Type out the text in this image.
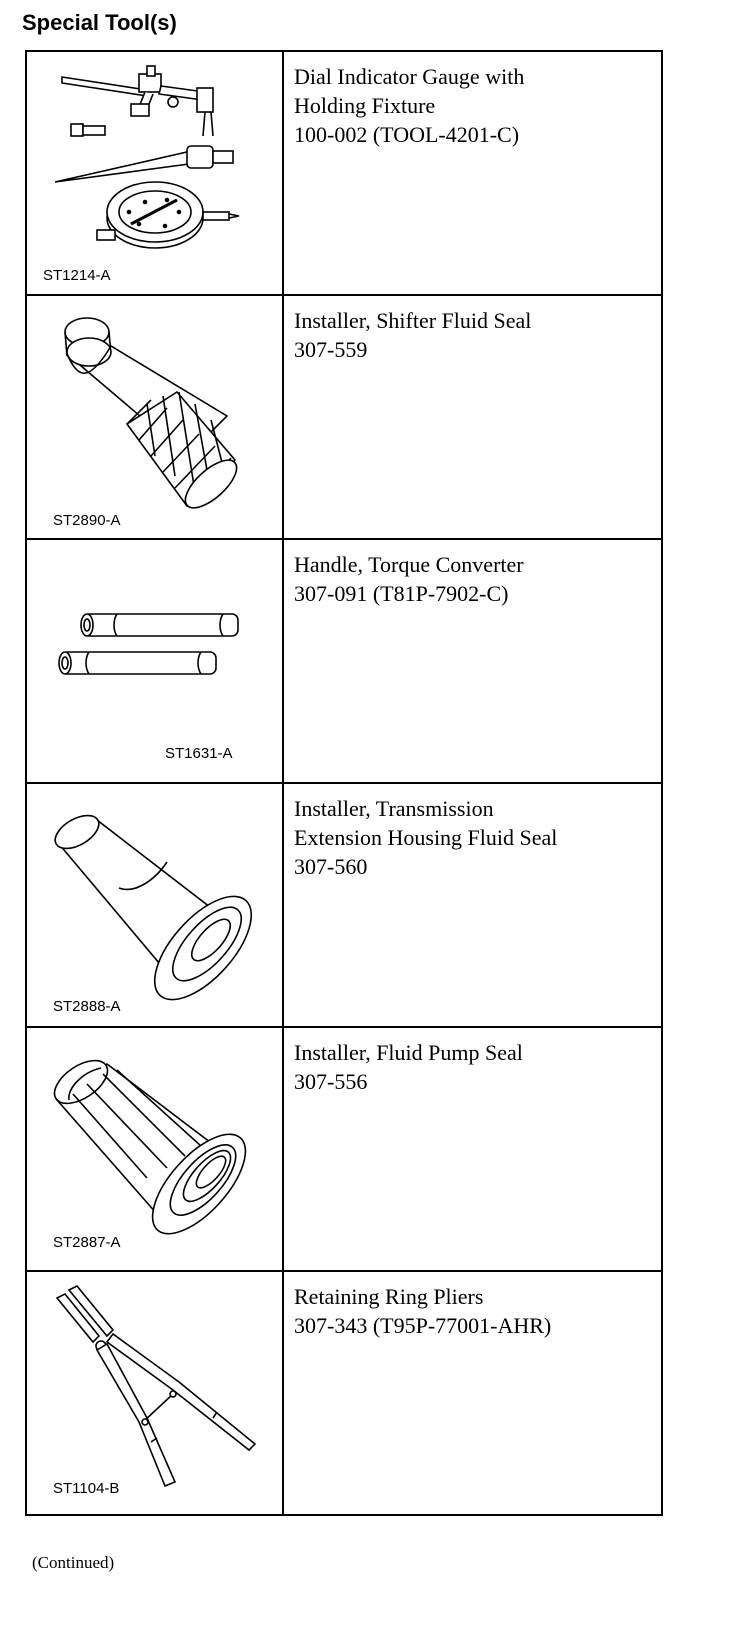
Special Tool(s)
ST1214-A	Dial Indicator Gauge with
Holding Fixture
100-002 (TOOL-4201-C)

ST2890-A	Installer, Shifter Fluid Seal
307-559

ST1631-A	Handle, Torque Converter
307-091 (T81P-7902-C)

ST2888-A	Installer, Transmission
Extension Housing Fluid Seal
307-560

ST2887-A	Installer, Fluid Pump Seal
307-556

ST1104-B	Retaining Ring Pliers
307-343 (T95P-77001-AHR)
(Continued)
